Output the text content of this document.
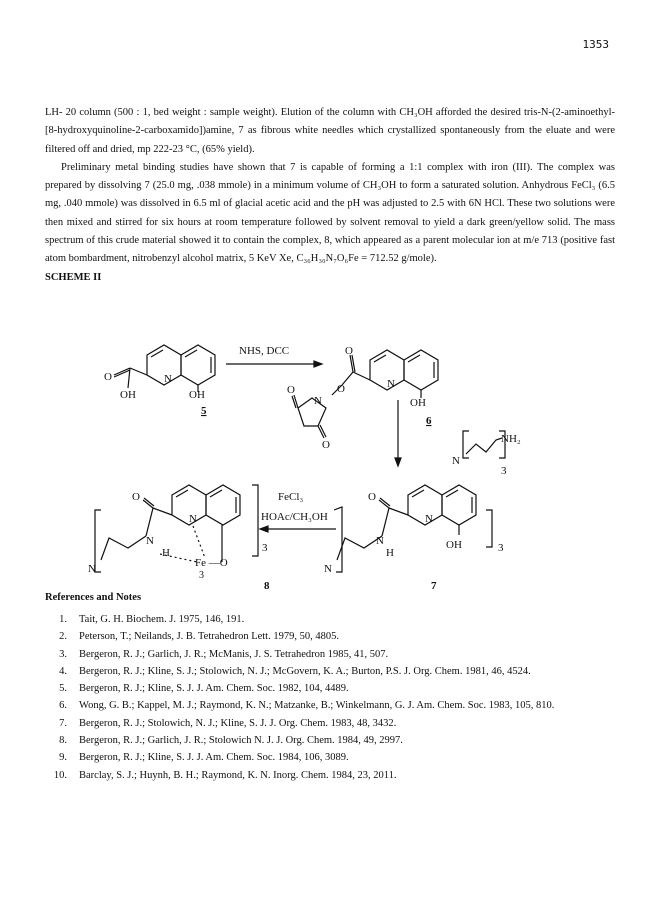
1353

LH- 20 column (500 : 1, bed weight : sample weight). Elution of the column with CH₃OH afforded the desired tris-N-(2-aminoethyl-[8-hydroxyquinoline-2-carboxamido])amine, 7 as fibrous white needles which crystallized spontaneously from the eluate and were filtered off and dried, mp 222-23 °C, (65% yield).

Preliminary metal binding studies have shown that 7 is capable of forming a 1:1 complex with iron (III). The complex was prepared by dissolving 7 (25.0 mg, .038 mmole) in a minimum volume of CH₃OH to form a saturated solution. Anhydrous FeCl₃ (6.5 mg, .040 mmole) was dissolved in 6.5 ml of glacial acetic acid and the pH was adjusted to 2.5 with 6N HCl. These two solutions were then mixed and stirred for six hours at room temperature followed by solvent removal to yield a dark green/yellow solid. The mass spectrum of this crude material showed it to contain the complex, 8, which appeared as a parent molecular ion at m/e 713 (positive fast atom bombardment, nitrobenzyl alcohol matrix, 5 KeV Xe, C₃₆H₃₀N₇O₆Fe = 712.52 g/mole).

SCHEME II

O
OH
N
OH
5
NHS, DCC	O
O	N
OH
6
O
N
O
N
NH₂
3
O
N
N
H
N
OH	3
7
FeCl₃
HOAc/CH₃OH
O
N
N
H
N	Fe —O
3
3
8
References and Notes
1. Tait, G. H. Biochem. J. 1975, 146, 191.
2. Peterson, T.; Neilands, J. B. Tetrahedron Lett. 1979, 50, 4805.
3. Bergeron, R. J.; Garlich, J. R.; McManis, J. S. Tetrahedron 1985, 41, 507.
4. Bergeron, R. J.; Kline, S. J.; Stolowich, N. J.; McGovern, K. A.; Burton, P.S. J. Org. Chem. 1981, 46, 4524.
5. Bergeron, R. J.; Kline, S. J. J. Am. Chem. Soc. 1982, 104, 4489.
6. Wong, G. B.; Kappel, M. J.; Raymond, K. N.; Matzanke, B.; Winkelmann, G. J. Am. Chem. Soc. 1983, 105, 810.
7. Bergeron, R. J.; Stolowich, N. J.; Kline, S. J. J. Org. Chem. 1983, 48, 3432.
8. Bergeron, R. J.; Garlich, J. R.; Stolowich N. J. J. Org. Chem. 1984, 49, 2997.
9. Bergeron, R. J.; Kline, S. J. J. Am. Chem. Soc. 1984, 106, 3089.
10. Barclay, S. J.; Huynh, B. H.; Raymond, K. N. Inorg. Chem. 1984, 23, 2011.
